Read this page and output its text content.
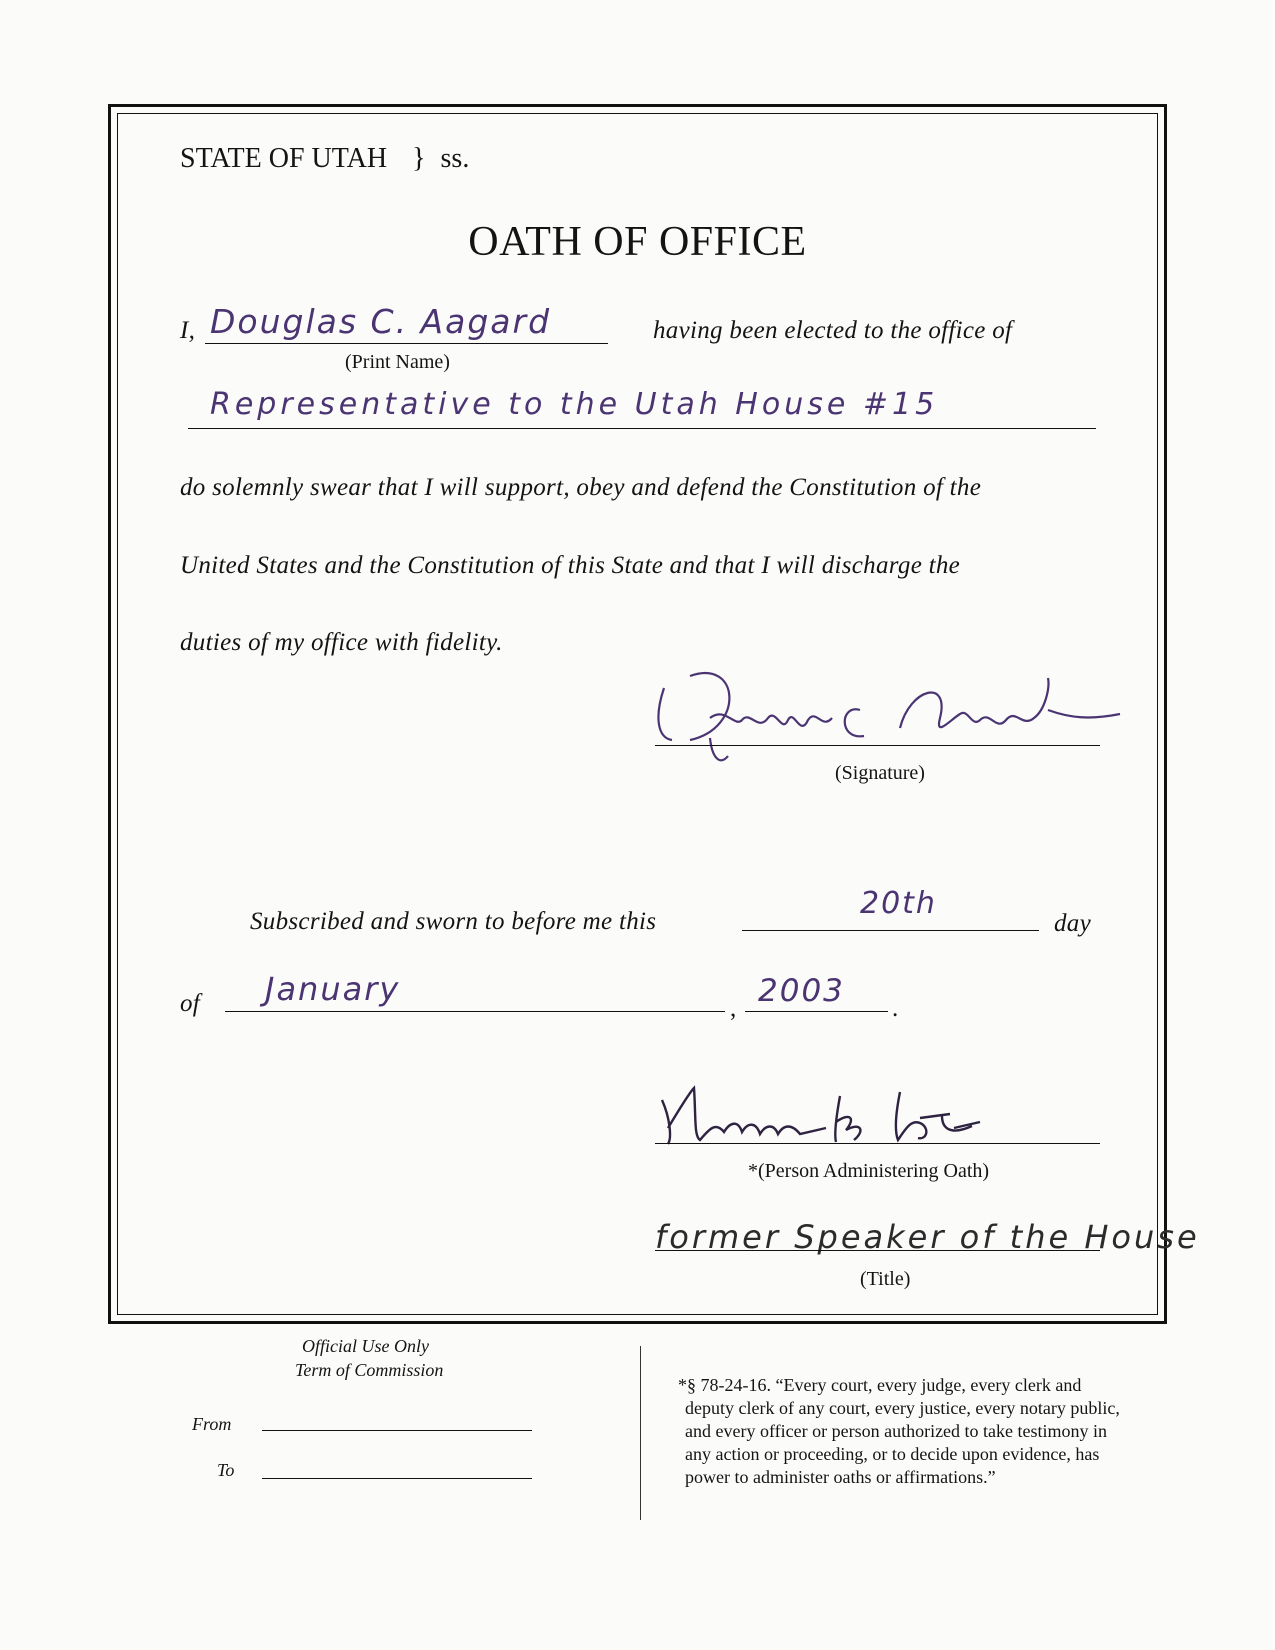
STATE OF UTAH } ss.
OATH OF OFFICE
I, Douglas C. Aagard
(Print Name)
having been elected to the office of
Representative to the Utah House #15
do solemnly swear that I will support, obey and defend the Constitution of the
United States and the Constitution of this State and that I will discharge the
duties of my office with fidelity.
(Signature)
Subscribed and sworn to before me this
20th
day
of January
, 2003 .
*(Person Administering Oath)
former Speaker of the House
(Title)
Official Use Only
Term of Commission
From
To
*§ 78-24-16. “Every court, every judge, every clerk and
deputy clerk of any court, every justice, every notary public,
and every officer or person authorized to take testimony in
any action or proceeding, or to decide upon evidence, has
power to administer oaths or affirmations.”
